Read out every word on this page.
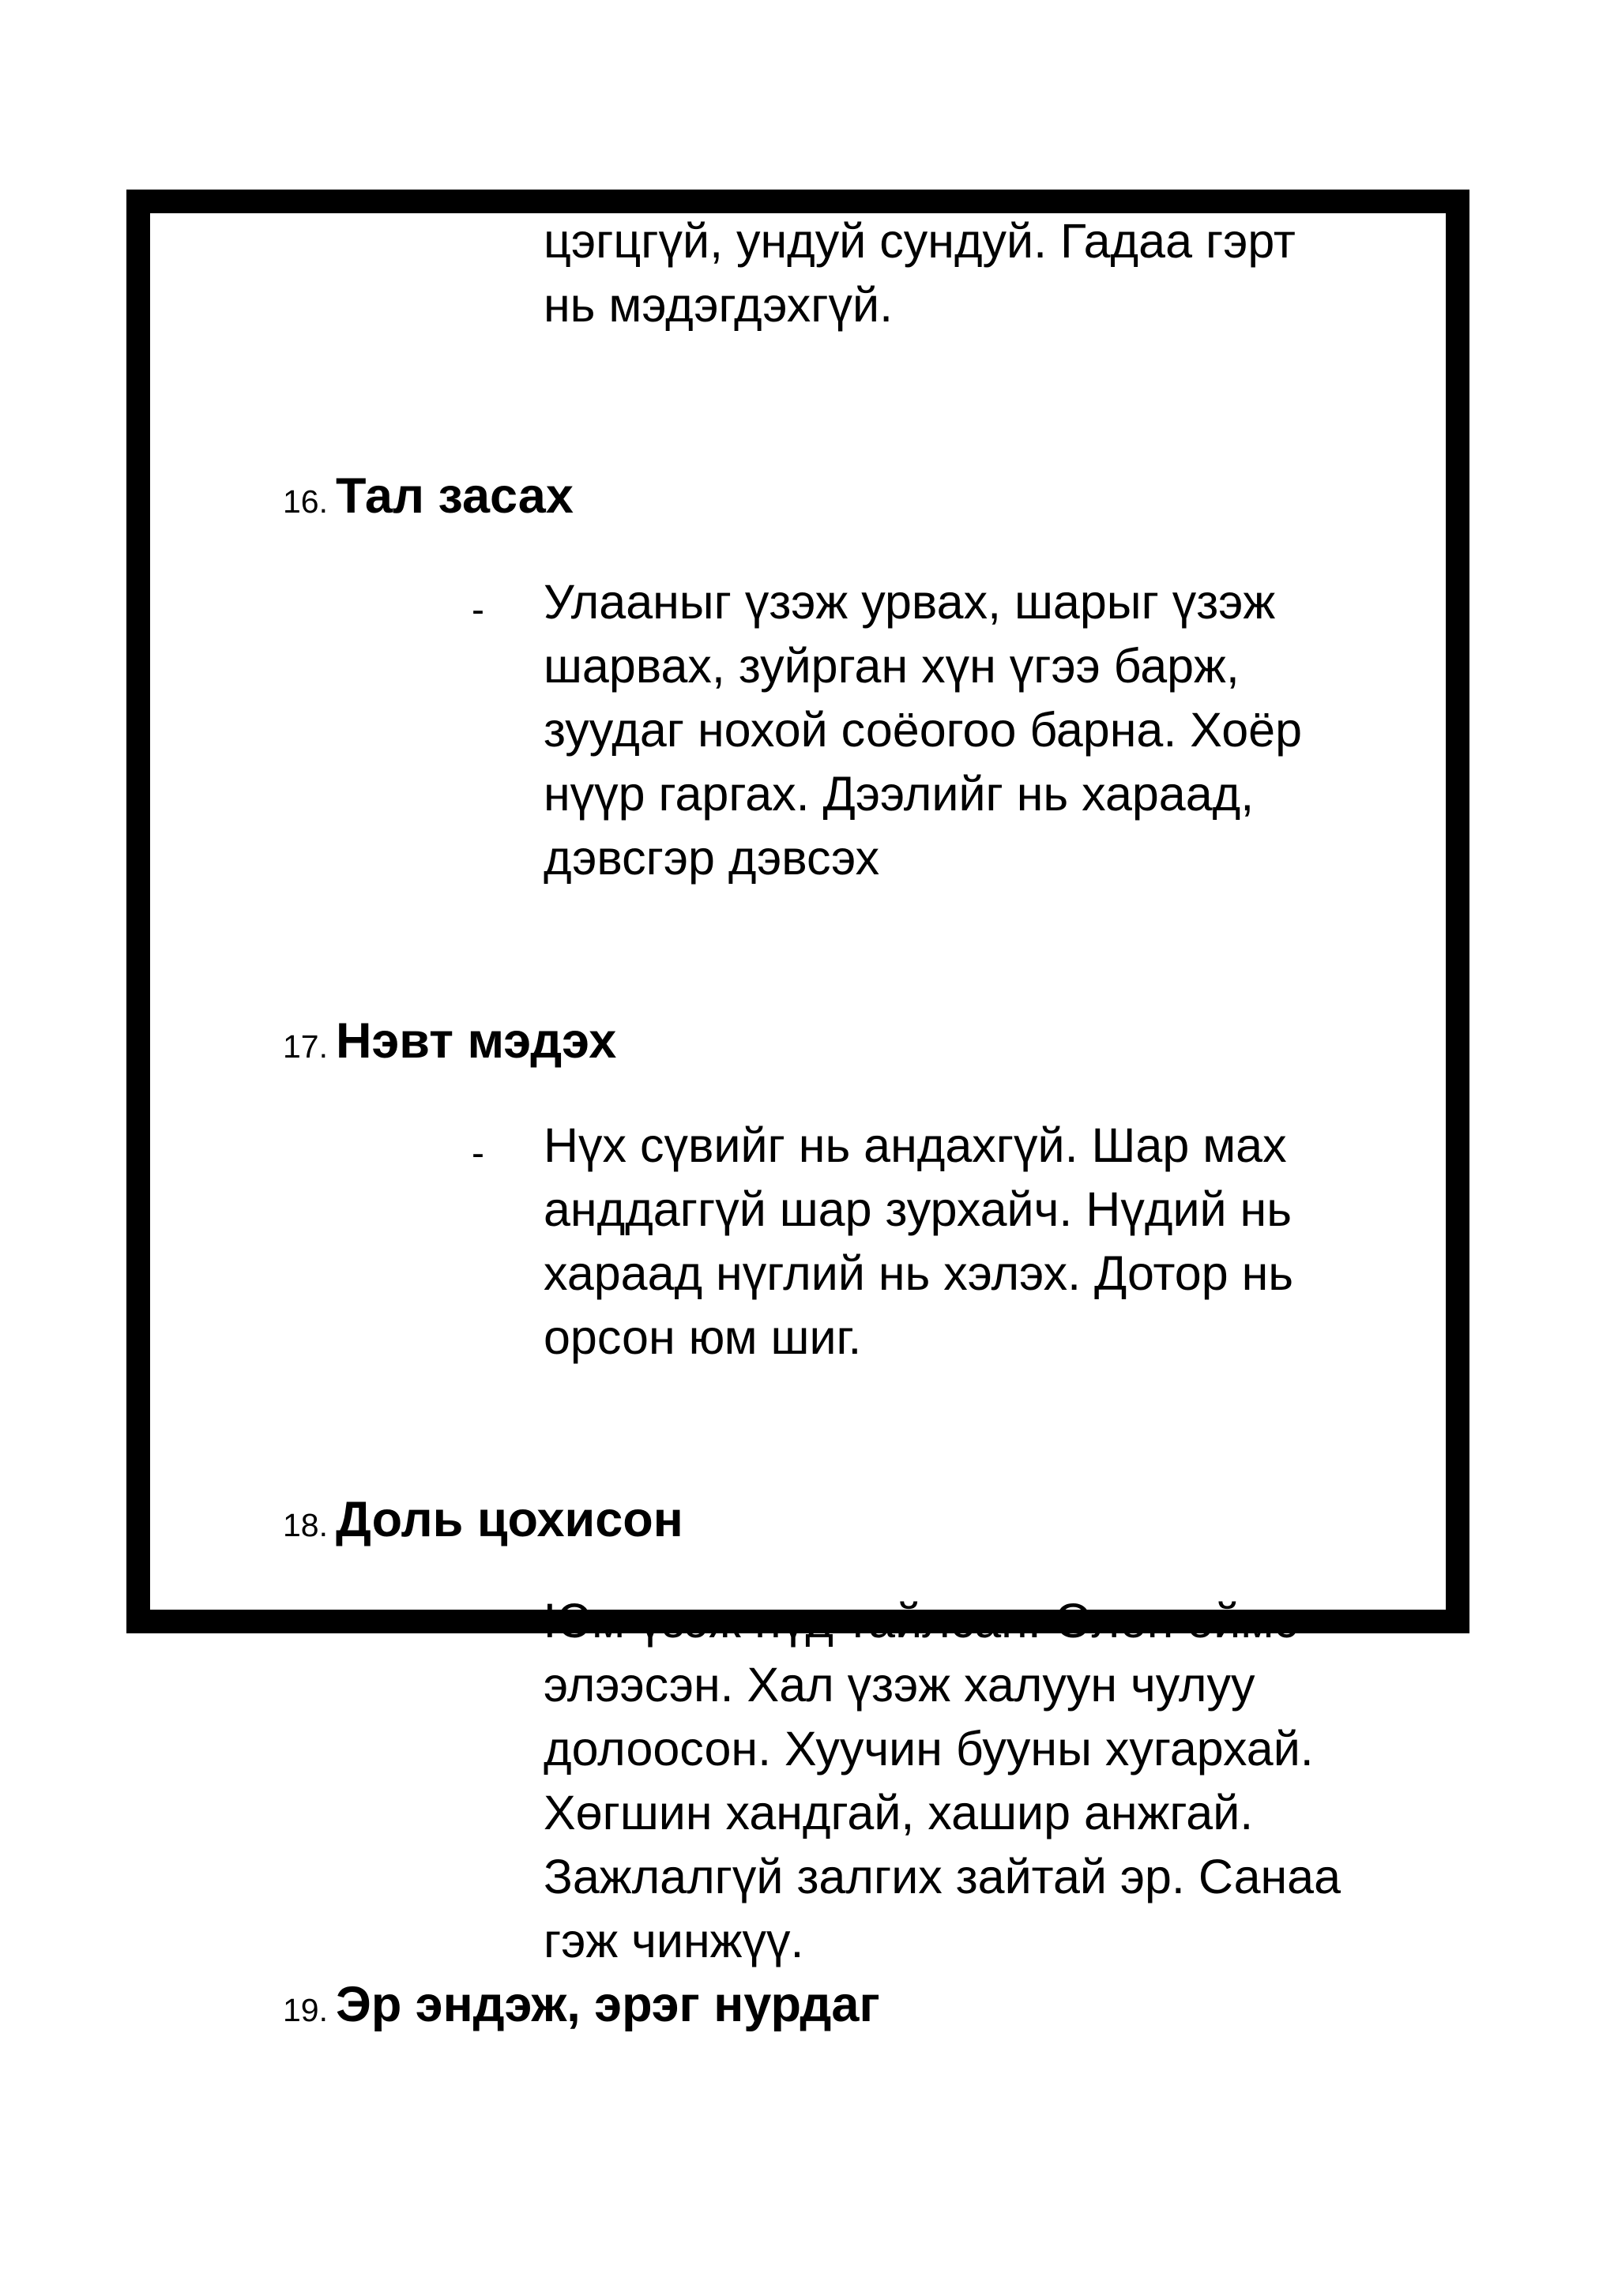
цэгцгүй, ундуй сундуй. Гадаа гэрт
нь мэдэгдэхгүй.
16. Тал засах
- Улааныг үзэж урвах, шарыг үзэж
шарвах, зуйрган хүн үгээ барж,
зуудаг нохой соёогоо барна. Хоёр
нүүр гаргах. Дээлийг нь хараад,
дэвсгэр дэвсэх
17. Нэвт мэдэх
- Нүх сүвийг нь андахгүй. Шар мах
анддаггүй шар зурхайч. Нүдий нь
хараад нүглий нь хэлэх. Дотор нь
орсон юм шиг.
18. Доль цохисон
- Юм үзэж нүд тайлсан. Олон оймс
элээсэн. Хал үзэж халуун чулуу
долоосон. Хуучин бууны хугархай.
Хөгшин хандгай, хашир анжгай.
Зажлалгүй залгих зайтай эр. Санаа
гэж чинжүү.
19. Эр эндэж, эрэг нурдаг
